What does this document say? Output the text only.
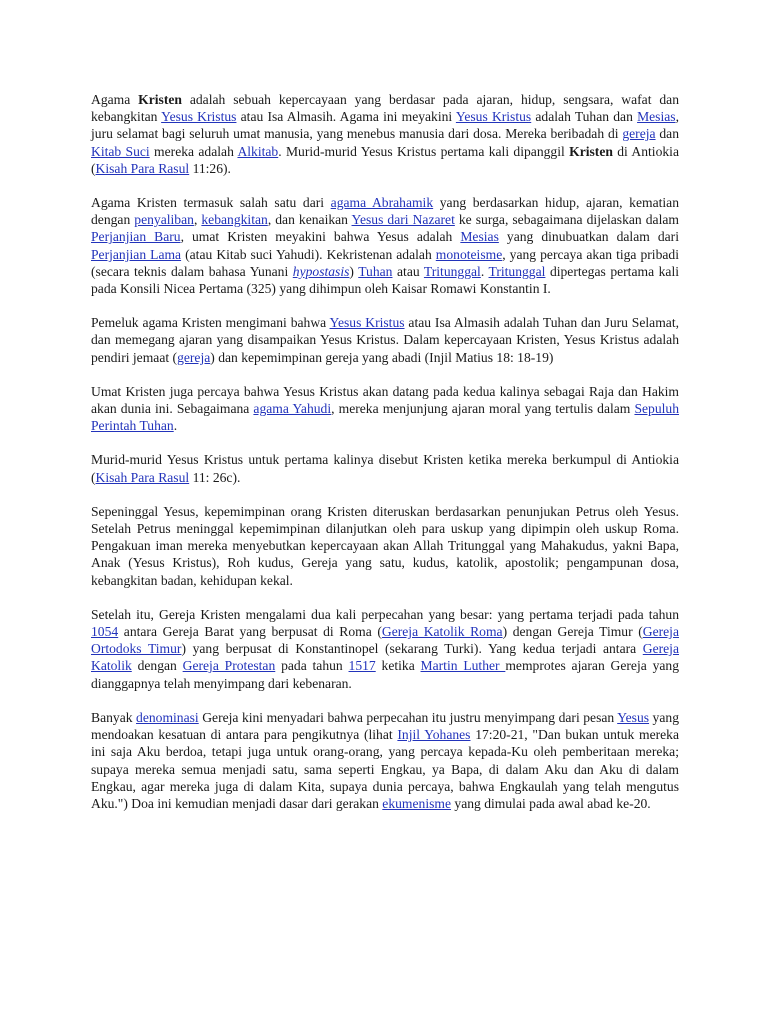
Agama Kristen adalah sebuah kepercayaan yang berdasar pada ajaran, hidup, sengsara, wafat dan kebangkitan Yesus Kristus atau Isa Almasih. Agama ini meyakini Yesus Kristus adalah Tuhan dan Mesias, juru selamat bagi seluruh umat manusia, yang menebus manusia dari dosa. Mereka beribadah di gereja dan Kitab Suci mereka adalah Alkitab. Murid-murid Yesus Kristus pertama kali dipanggil Kristen di Antiokia (Kisah Para Rasul 11:26).

Agama Kristen termasuk salah satu dari agama Abrahamik yang berdasarkan hidup, ajaran, kematian dengan penyaliban, kebangkitan, dan kenaikan Yesus dari Nazaret ke surga, sebagaimana dijelaskan dalam Perjanjian Baru, umat Kristen meyakini bahwa Yesus adalah Mesias yang dinubuatkan dalam dari Perjanjian Lama (atau Kitab suci Yahudi). Kekristenan adalah monoteisme, yang percaya akan tiga pribadi (secara teknis dalam bahasa Yunani hypostasis) Tuhan atau Tritunggal. Tritunggal dipertegas pertama kali pada Konsili Nicea Pertama (325) yang dihimpun oleh Kaisar Romawi Konstantin I.

Pemeluk agama Kristen mengimani bahwa Yesus Kristus atau Isa Almasih adalah Tuhan dan Juru Selamat, dan memegang ajaran yang disampaikan Yesus Kristus. Dalam kepercayaan Kristen, Yesus Kristus adalah pendiri jemaat (gereja) dan kepemimpinan gereja yang abadi (Injil Matius 18: 18-19)

Umat Kristen juga percaya bahwa Yesus Kristus akan datang pada kedua kalinya sebagai Raja dan Hakim akan dunia ini. Sebagaimana agama Yahudi, mereka menjunjung ajaran moral yang tertulis dalam Sepuluh Perintah Tuhan.

Murid-murid Yesus Kristus untuk pertama kalinya disebut Kristen ketika mereka berkumpul di Antiokia (Kisah Para Rasul 11: 26c).

Sepeninggal Yesus, kepemimpinan orang Kristen diteruskan berdasarkan penunjukan Petrus oleh Yesus. Setelah Petrus meninggal kepemimpinan dilanjutkan oleh para uskup yang dipimpin oleh uskup Roma. Pengakuan iman mereka menyebutkan kepercayaan akan Allah Tritunggal yang Mahakudus, yakni Bapa, Anak (Yesus Kristus), Roh kudus, Gereja yang satu, kudus, katolik, apostolik; pengampunan dosa, kebangkitan badan, kehidupan kekal.

Setelah itu, Gereja Kristen mengalami dua kali perpecahan yang besar: yang pertama terjadi pada tahun 1054 antara Gereja Barat yang berpusat di Roma (Gereja Katolik Roma) dengan Gereja Timur (Gereja Ortodoks Timur) yang berpusat di Konstantinopel (sekarang Turki). Yang kedua terjadi antara Gereja Katolik dengan Gereja Protestan pada tahun 1517 ketika Martin Luther memprotes ajaran Gereja yang dianggapnya telah menyimpang dari kebenaran.

Banyak denominasi Gereja kini menyadari bahwa perpecahan itu justru menyimpang dari pesan Yesus yang mendoakan kesatuan di antara para pengikutnya (lihat Injil Yohanes 17:20-21, "Dan bukan untuk mereka ini saja Aku berdoa, tetapi juga untuk orang-orang, yang percaya kepada-Ku oleh pemberitaan mereka; supaya mereka semua menjadi satu, sama seperti Engkau, ya Bapa, di dalam Aku dan Aku di dalam Engkau, agar mereka juga di dalam Kita, supaya dunia percaya, bahwa Engkaulah yang telah mengutus Aku.") Doa ini kemudian menjadi dasar dari gerakan ekumenisme yang dimulai pada awal abad ke-20.
